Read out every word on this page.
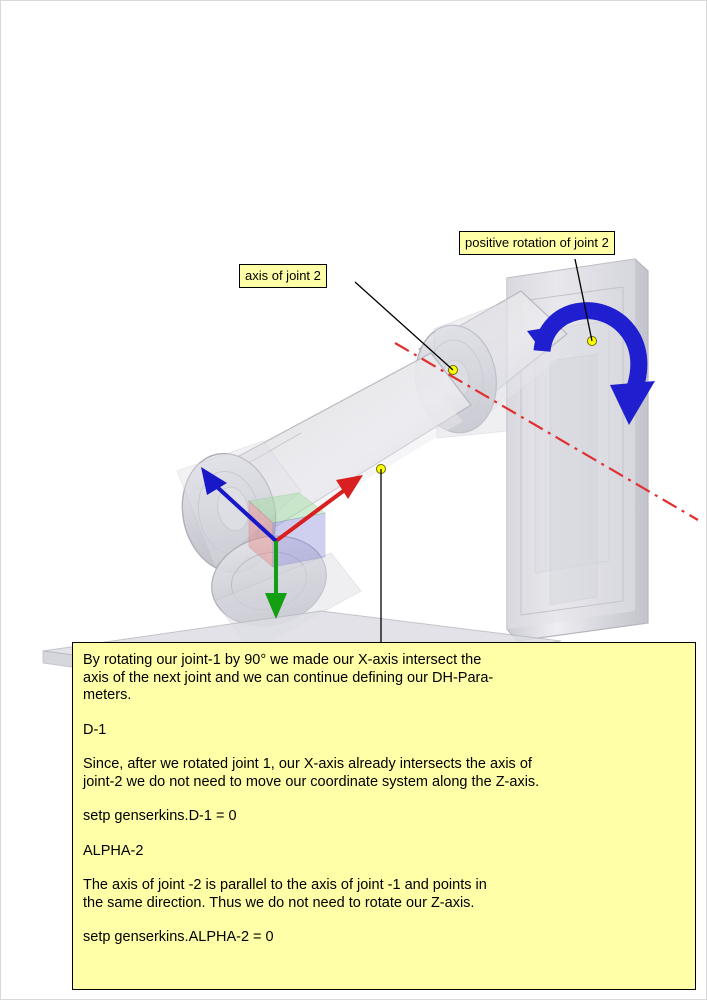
axis of joint 2
positive rotation of joint 2

By rotating our joint-1 by 90° we made our X-axis intersect the
axis of the next joint and we can continue defining our DH-Para-
meters.

D-1

Since, after we rotated joint 1, our X-axis already intersects the axis of
joint-2 we do not need to move our coordinate system along the Z-axis.

setp genserkins.D-1 = 0

ALPHA-2

The axis of joint -2 is parallel to the axis of joint -1 and points in
the same direction. Thus we do not need to rotate our Z-axis.

setp genserkins.ALPHA-2 = 0
